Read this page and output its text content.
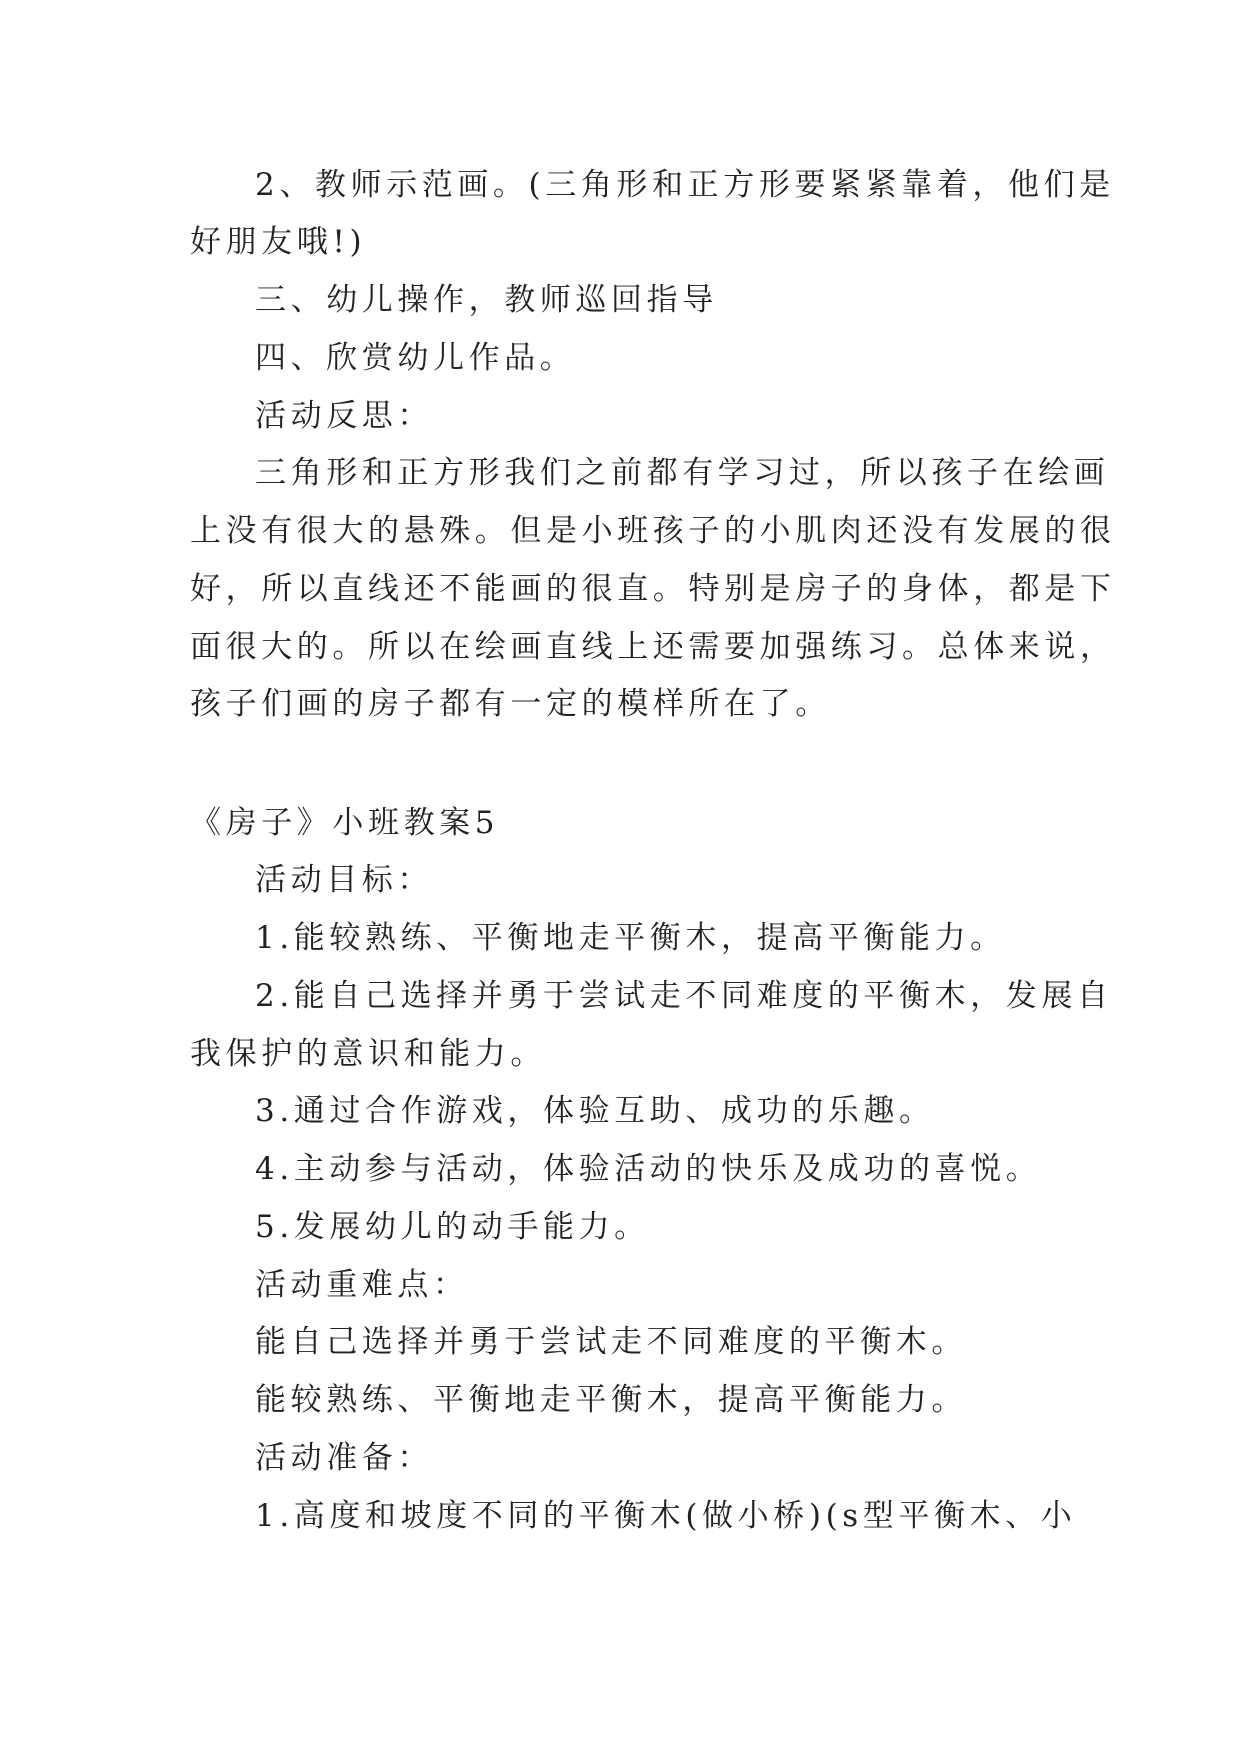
2、教师示范画。(三角形和正方形要紧紧靠着，他们是

好朋友哦!)

三、幼儿操作，教师巡回指导

四、欣赏幼儿作品。

活动反思：

三角形和正方形我们之前都有学习过，所以孩子在绘画

上没有很大的悬殊。但是小班孩子的小肌肉还没有发展的很

好，所以直线还不能画的很直。特别是房子的身体，都是下

面很大的。所以在绘画直线上还需要加强练习。总体来说，

孩子们画的房子都有一定的模样所在了。

《房子》小班教案5

活动目标：

1.能较熟练、平衡地走平衡木，提高平衡能力。

2.能自己选择并勇于尝试走不同难度的平衡木，发展自

我保护的意识和能力。

3.通过合作游戏，体验互助、成功的乐趣。

4.主动参与活动，体验活动的快乐及成功的喜悦。

5.发展幼儿的动手能力。

活动重难点：

能自己选择并勇于尝试走不同难度的平衡木。

能较熟练、平衡地走平衡木，提高平衡能力。

活动准备：

1.高度和坡度不同的平衡木(做小桥)(s型平衡木、小
